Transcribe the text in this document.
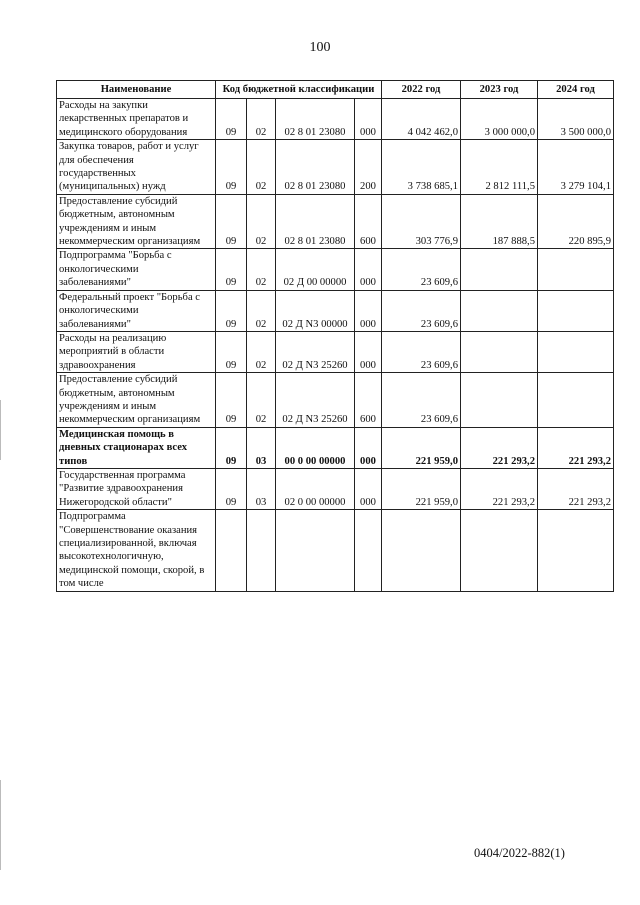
100
Наименование	Код бюджетной классификации				2022 год	2023 год	2024 год
Расходы на закупки лекарственных препаратов и медицинского оборудования	09	02	02 8 01 23080	000	4 042 462,0	3 000 000,0	3 500 000,0
Закупка товаров, работ и услуг для обеспечения государственных (муниципальных) нужд	09	02	02 8 01 23080	200	3 738 685,1	2 812 111,5	3 279 104,1
Предоставление субсидий бюджетным, автономным учреждениям и иным некоммерческим организациям	09	02	02 8 01 23080	600	303 776,9	187 888,5	220 895,9
Подпрограмма "Борьба с онкологическими заболеваниями"	09	02	02 Д 00 00000	000	23 609,6		
Федеральный проект "Борьба с онкологическими заболеваниями"	09	02	02 Д N3 00000	000	23 609,6		
Расходы на реализацию мероприятий в области здравоохранения	09	02	02 Д N3 25260	000	23 609,6		
Предоставление субсидий бюджетным, автономным учреждениям и иным некоммерческим организациям	09	02	02 Д N3 25260	600	23 609,6		
Медицинская помощь в дневных стационарах всех типов	09	03	00 0 00 00000	000	221 959,0	221 293,2	221 293,2
Государственная программа "Развитие здравоохранения Нижегородской области"	09	03	02 0 00 00000	000	221 959,0	221 293,2	221 293,2
Подпрограмма "Совершенствование оказания специализированной, включая высокотехнологичную, медицинской помощи, скорой, в том числе							
0404/2022-882(1)
